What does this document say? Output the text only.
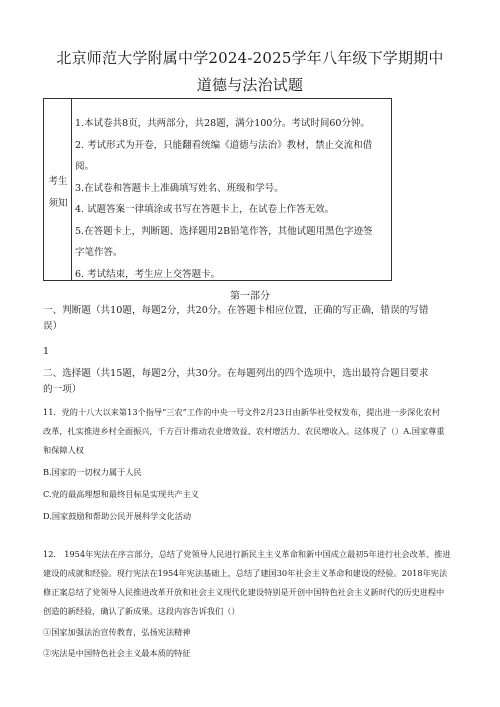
北京师范大学附属中学2024-2025学年八年级下学期期中
道德与法治试题
考生
须知
1.本试卷共8页，共两部分，共28题，满分100分。考试时间60分钟。
2. 考试形式为开卷，只能翻看统编《道德与法治》教材，禁止交流和借
阅。
3.在试卷和答题卡上准确填写姓名、班级和学号。
4. 试题答案一律填涂或书写在答题卡上，在试卷上作答无效。
5.在答题卡上，判断题、选择题用2B铅笔作答，其他试题用黑色字迹签
字笔作答。
6. 考试结束，考生应上交答题卡。
第一部分
一、判断题（共10题，每题2分，共20分。在答题卡相应位置，正确的写正确，错误的写错
误）
1
二、选择题（共15题，每题2分，共30分。在每题列出的四个选项中，选出最符合题目要求
的一项）
11．党的十八大以来第13个指导“三农”工作的中央一号文件2月23日由新华社受权发布，提出进一步深化农村
改革，扎实推进乡村全面振兴，千方百计推动农业增效益、农村增活力、农民增收入。这体现了（）A.国家尊重
和保障人权
B.国家的一切权力属于人民
C.党的最高理想和最终目标是实现共产主义
D.国家鼓励和帮助公民开展科学文化活动
12.　1954年宪法在序言部分，总结了党领导人民进行新民主主义革命和新中国成立最初5年进行社会改革、推进
建设的成就和经验。现行宪法在1954年宪法基础上，总结了建国30年社会主义革命和建设的经验。2018年宪法
修正案总结了党领导人民推进改革开放和社会主义现代化建设特别是开创中国特色社会主义新时代的历史进程中
创造的新经验，确认了新成果。这段内容告诉我们（）
①国家加强法治宣传教育，弘扬宪法精神
②宪法是中国特色社会主义最本质的特征
